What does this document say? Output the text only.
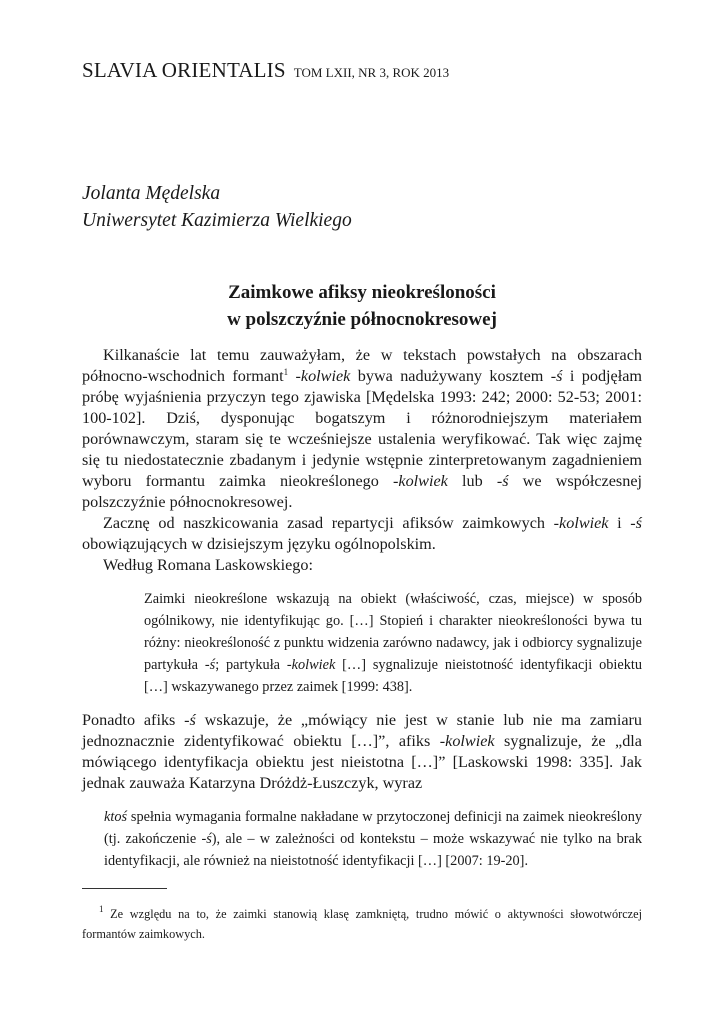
SLAVIA ORIENTALIS TOM LXII, NR 3, ROK 2013
Jolanta Mędelska
Uniwersytet Kazimierza Wielkiego
Zaimkowe afiksy nieokreśloności
w polszczyźnie północnokresowej

Kilkanaście lat temu zauważyłam, że w tekstach powstałych na obszarach północno-wschodnich formant$^1$ -kolwiek bywa nadużywany kosztem -ś i podjęłam próbę wyjaśnienia przyczyn tego zjawiska [Mędelska 1993: 242; 2000: 52-53; 2001: 100-102]. Dziś, dysponując bogatszym i różnorodniejszym materiałem porównawczym, staram się te wcześniejsze ustalenia weryfikować. Tak więc zajmę się tu niedostatecznie zbadanym i jedynie wstępnie zinterpretowanym zagadnieniem wyboru formantu zaimka nieokreślonego -kolwiek lub -ś we współczesnej polszczyźnie północnokresowej.

Zacznę od naszkicowania zasad repartycji afiksów zaimkowych -kolwiek i -ś obowiązujących w dzisiejszym języku ogólnopolskim.

Według Romana Laskowskiego:

Zaimki nieokreślone wskazują na obiekt (właściwość, czas, miejsce) w sposób ogólnikowy, nie identyfikując go. […] Stopień i charakter nieokreśloności bywa tu różny: nieokreśloność z punktu widzenia zarówno nadawcy, jak i odbiorcy sygnalizuje partykuła -ś; partykuła -kolwiek […] sygnalizuje nieistotność identyfikacji obiektu […] wskazywanego przez zaimek [1999: 438].

Ponadto afiks -ś wskazuje, że „mówiący nie jest w stanie lub nie ma zamiaru jednoznacznie zidentyfikować obiektu […]”, afiks -kolwiek sygnalizuje, że „dla mówiącego identyfikacja obiektu jest nieistotna […]” [Laskowski 1998: 335]. Jak jednak zauważa Katarzyna Dróżdż-Łuszczyk, wyraz

ktoś spełnia wymagania formalne nakładane w przytoczonej definicji na zaimek nieokreślony (tj. zakończenie -ś), ale – w zależności od kontekstu – może wskazywać nie tylko na brak identyfikacji, ale również na nieistotność identyfikacji […] [2007: 19-20].
$^1$ Ze względu na to, że zaimki stanowią klasę zamkniętą, trudno mówić o aktywności słowotwórczej formantów zaimkowych.
